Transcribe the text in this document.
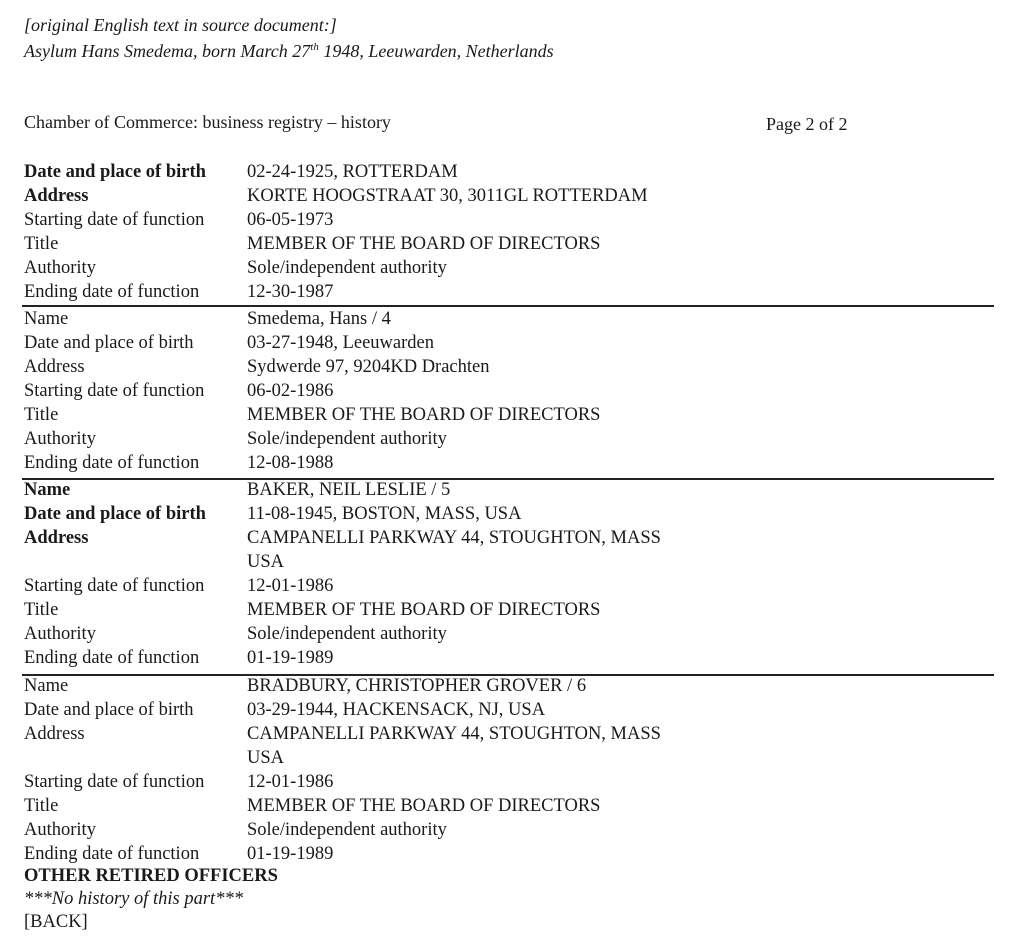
[original English text in source document:]
Asylum Hans Smedema, born March 27th 1948, Leeuwarden, Netherlands
Chamber of Commerce: business registry – history	Page 2 of 2
Date and place of birth 02-24-1925, ROTTERDAM
Address	KORTE HOOGSTRAAT 30, 3011GL ROTTERDAM
Starting date of function 06-05-1973
Title	MEMBER OF THE BOARD OF DIRECTORS
Authority	Sole/independent authority
Ending date of function	12-30-1987
Name	Smedema, Hans / 4
Date and place of birth	03-27-1948, Leeuwarden
Address	Sydwerde 97, 9204KD Drachten
Starting date of function 06-02-1986
Title	MEMBER OF THE BOARD OF DIRECTORS
Authority	Sole/independent authority
Ending date of function	12-08-1988
Name	BAKER, NEIL LESLIE / 5
Date and place of birth 11-08-1945, BOSTON, MASS, USA
Address	CAMPANELLI PARKWAY 44, STOUGHTON, MASS
USA
Starting date of function 12-01-1986
Title	MEMBER OF THE BOARD OF DIRECTORS
Authority	Sole/independent authority
Ending date of function	01-19-1989
Name	BRADBURY, CHRISTOPHER GROVER / 6
Date and place of birth	03-29-1944, HACKENSACK, NJ, USA
Address	CAMPANELLI PARKWAY 44, STOUGHTON, MASS
USA
Starting date of function 12-01-1986
Title	MEMBER OF THE BOARD OF DIRECTORS
Authority	Sole/independent authority
Ending date of function	01-19-1989
OTHER RETIRED OFFICERS
***No history of this part***
[BACK]
